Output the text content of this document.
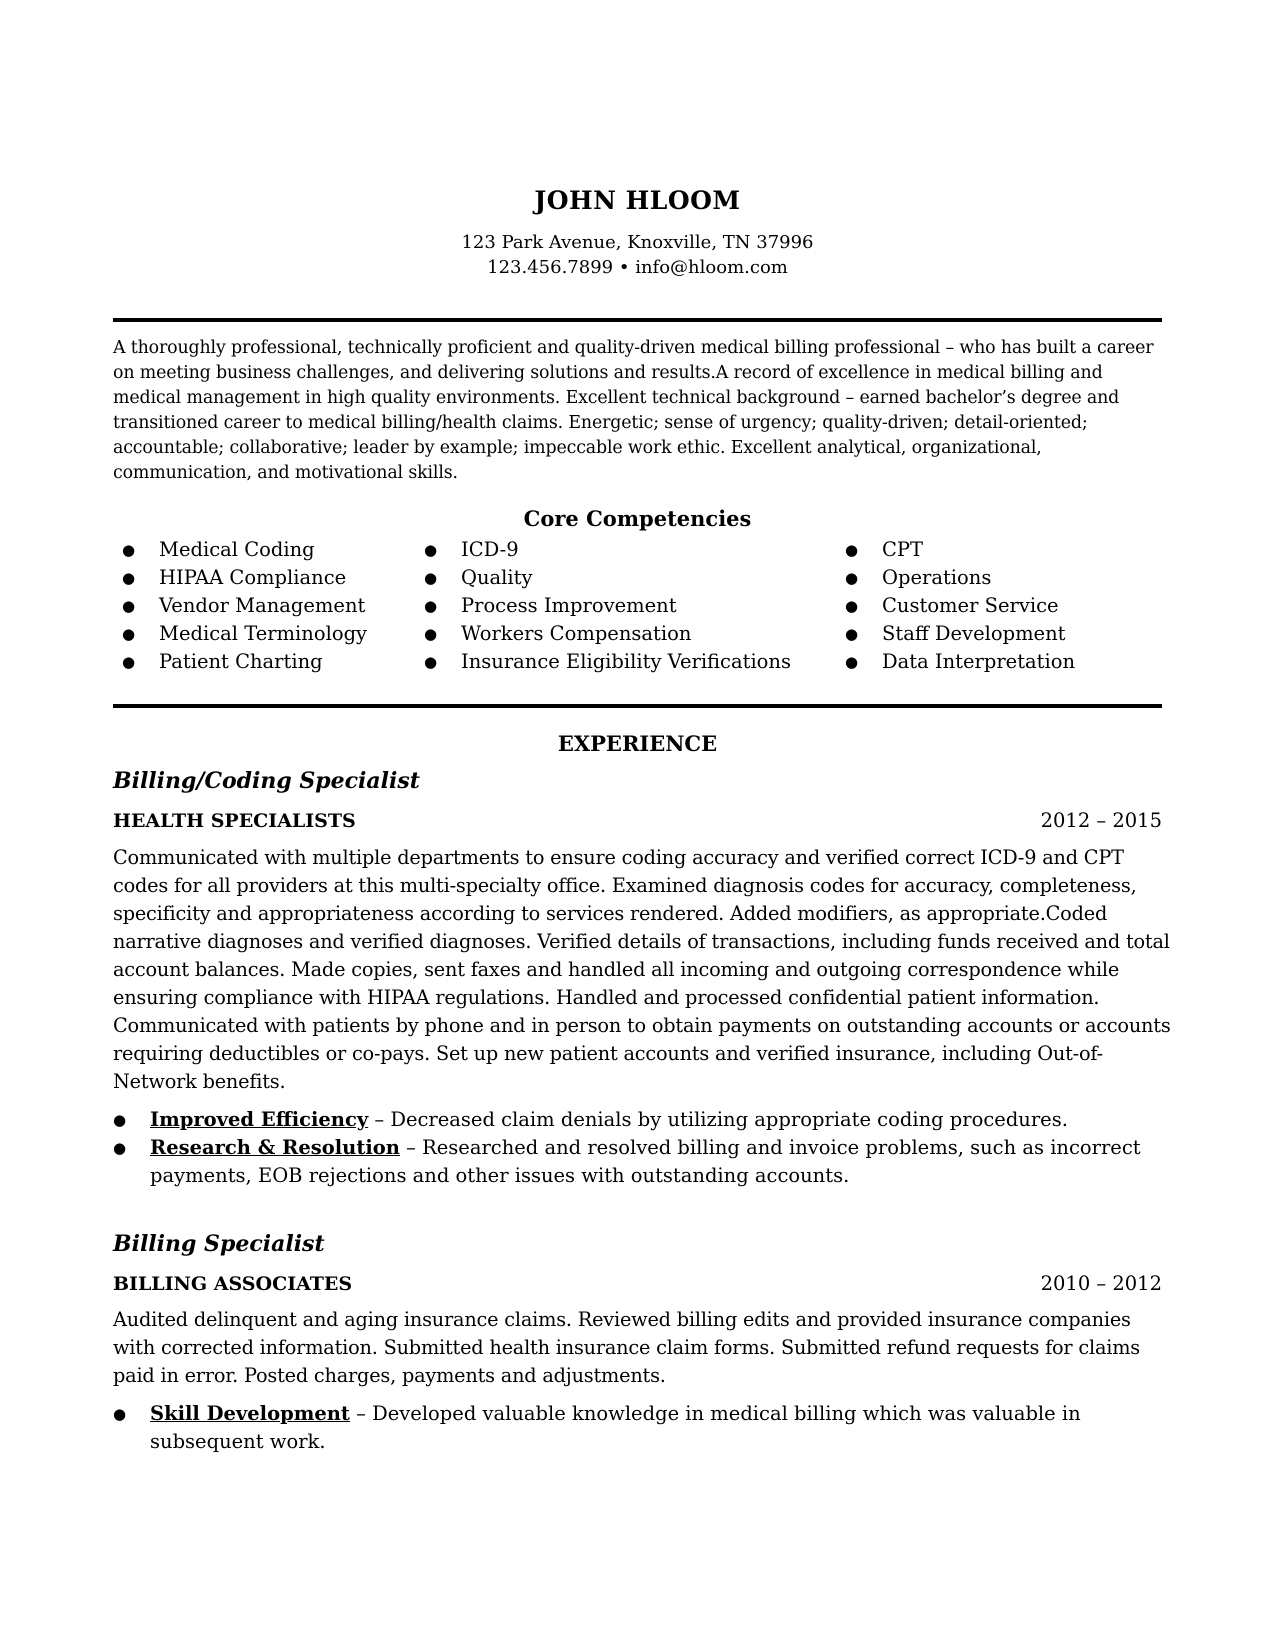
JOHN HLOOM
123 Park Avenue, Knoxville, TN 37996
123.456.7899 • info@hloom.com
A thoroughly professional, technically proficient and quality-driven medical billing professional – who has built a career on meeting business challenges, and delivering solutions and results.A record of excellence in medical billing and medical management in high quality environments. Excellent technical background – earned bachelor’s degree and transitioned career to medical billing/health claims. Energetic; sense of urgency; quality-driven; detail-oriented; accountable; collaborative; leader by example; impeccable work ethic. Excellent analytical, organizational, communication, and motivational skills.
Core Competencies
● Medical Coding
● HIPAA Compliance
● Vendor Management
● Medical Terminology
● Patient Charting
● ICD-9
● Quality
● Process Improvement
● Workers Compensation
● Insurance Eligibility Verifications
● CPT
● Operations
● Customer Service
● Staff Development
● Data Interpretation
EXPERIENCE
Billing/Coding Specialist
HEALTH SPECIALISTS	2012 – 2015
Communicated with multiple departments to ensure coding accuracy and verified correct ICD-9 and CPT codes for all providers at this multi-specialty office. Examined diagnosis codes for accuracy, completeness, specificity and appropriateness according to services rendered. Added modifiers, as appropriate.Coded narrative diagnoses and verified diagnoses. Verified details of transactions, including funds received and total account balances. Made copies, sent faxes and handled all incoming and outgoing correspondence while ensuring compliance with HIPAA regulations. Handled and processed confidential patient information. Communicated with patients by phone and in person to obtain payments on outstanding accounts or accounts requiring deductibles or co-pays. Set up new patient accounts and verified insurance, including Out-of-Network benefits.
● Improved Efficiency – Decreased claim denials by utilizing appropriate coding procedures.
● Research & Resolution – Researched and resolved billing and invoice problems, such as incorrect payments, EOB rejections and other issues with outstanding accounts.
Billing Specialist
BILLING ASSOCIATES	2010 – 2012
Audited delinquent and aging insurance claims. Reviewed billing edits and provided insurance companies with corrected information. Submitted health insurance claim forms. Submitted refund requests for claims paid in error. Posted charges, payments and adjustments.
● Skill Development – Developed valuable knowledge in medical billing which was valuable in subsequent work.
